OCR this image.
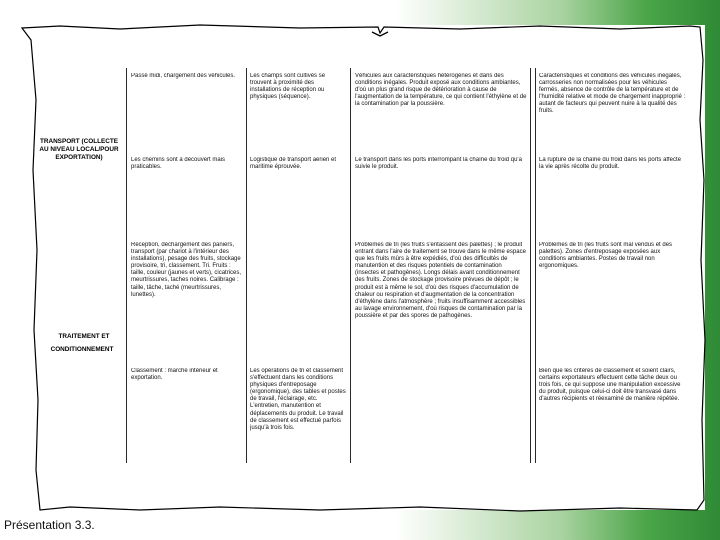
TRANSPORT (COLLECTE AU NIVEAU LOCAL/POUR EXPORTATION)
TRAITEMENT ET
CONDITIONNEMENT
Passé midi, chargement des véhicules.	Les champs sont cultivés se trouvent à proximité des installations de réception ou physiques (séquence).
Véhicules aux caractéristiques hétérogènes et dans des conditions inégales. Produit exposé aux conditions ambiantes, d'où un plus grand risque de détérioration à cause de l'augmentation de la température, ce qui contient l'éthylène et de la contamination par la poussière.
Caractéristiques et conditions des véhicules inégales, carrosseries non normalisées pour les véhicules fermés, absence de contrôle de la température et de l'humidité relative et mode de chargement inapproprié : autant de facteurs qui peuvent nuire à la qualité des fruits.
Les chemins sont à découvert mais praticables.
Logistique de transport aérien et maritime éprouvée.
Le transport dans les ports interrompant la chaîne du froid qu'a suivie le produit.
La rupture de la chaîne du froid dans les ports affecte la vie après récolte du produit.
Réception, déchargement des paniers, transport (par chariot à l'intérieur des installations), pesage des fruits, stockage provisoire, tri, classement. Tri. Fruits : taille, couleur (jaunes et verts), cicatrices, meurtrissures, taches noires. Calibrage : taille, tâche, taché (meurtrissures, lunettes).
Problèmes de tri (les fruits s'entassent des palettes) ; le produit entrant dans l'aire de traitement se trouve dans le même espace que les fruits mûrs à être expédiés, d'où des difficultés de manutention et des risques potentiels de contamination (insectes et pathogènes). Longs délais avant conditionnement des fruits. Zones de stockage provisoire prévues de dépôt ; le produit est à même le sol, d'où des risques d'accumulation de chaleur ou respiration et d'augmentation de la concentration d'éthylène dans l'atmosphère ; fruits insuffisamment accessibles au lavage environnement, d'où risques de contamination par la poussière et par des spores de pathogènes.
Problèmes de tri (les fruits sont mal vendus et des palettes). Zones d'entreposage exposées aux conditions ambiantes. Postes de travail non ergonomiques.
Classement : marché intérieur et exportation.
Les opérations de tri et classement s'effectuent dans les conditions physiques d'entreposage (ergonomique), des tables et postes de travail, l'éclairage, etc. L'entretien, manutention et déplacements du produit. Le travail de classement est effectué parfois jusqu'à trois fois.
Bien que les critères de classement et soient clairs, certains exportateurs effectuent cette tâche deux ou trois fois, ce qui suppose une manipulation excessive du produit, puisque celui-ci doit être transvasé dans d'autres récipients et réexaminé de manière répétée.
Présentation 3.3.
